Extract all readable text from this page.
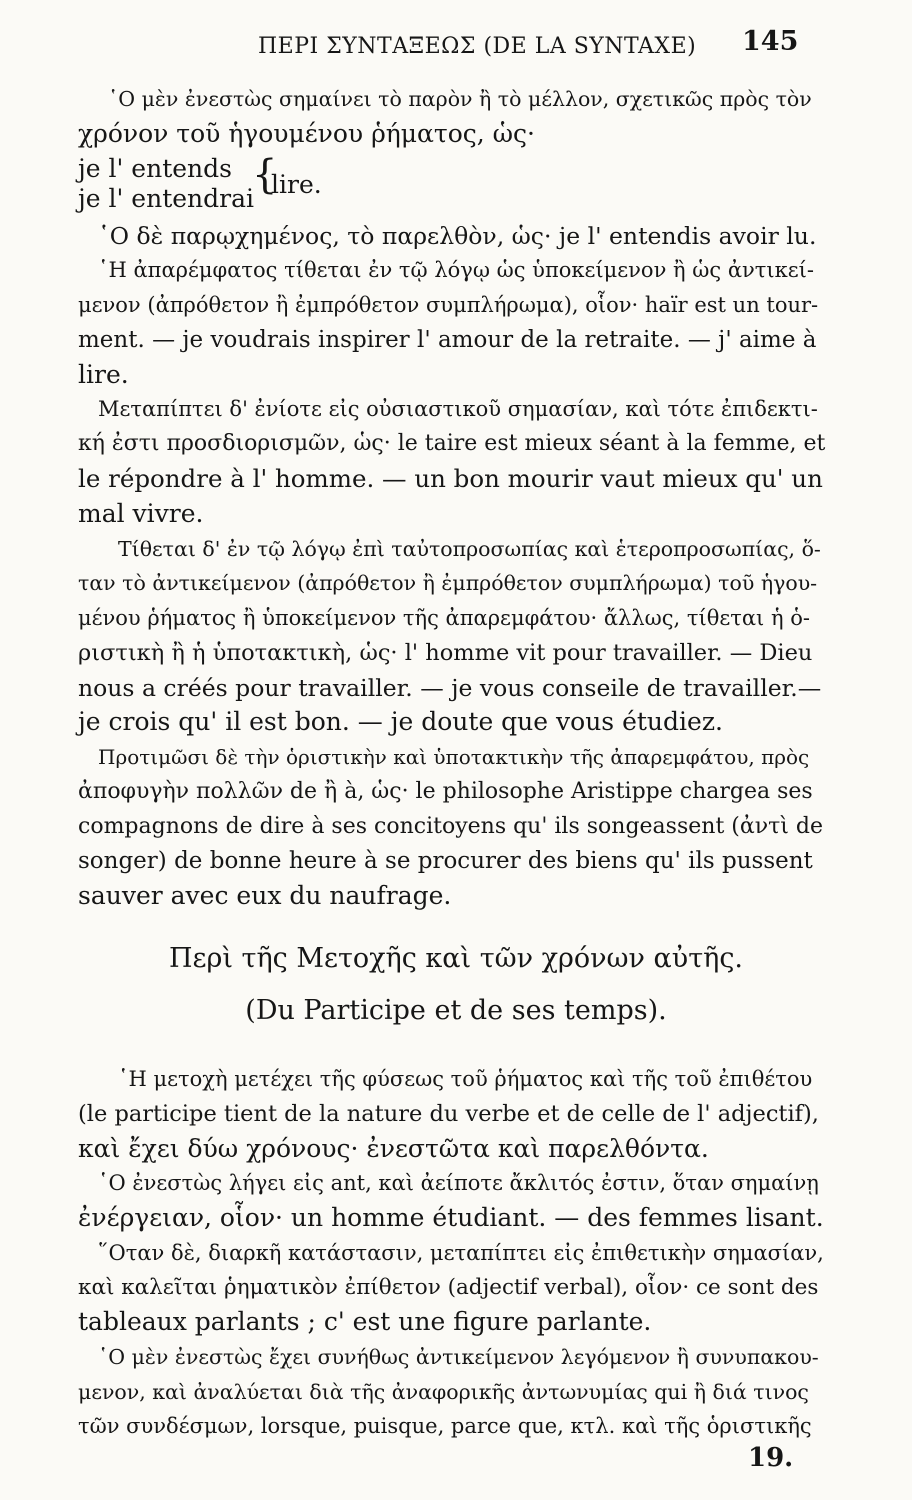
ΠΕΡΙ ΣΥΝΤΑΞΕΩΣ (DE LA SYNTAXE) 145
῾Ο μὲν ἐνεστὼς σημαίνει τὸ παρὸν ἢ τὸ μέλλον, σχετικῶς πρὸς τὸν
χρόνον τοῦ ἡγουμένου ῥήματος, ὡς·
je l' entends
je l' entendrai
{
lire.
῾Ο δὲ παρῳχημένος, τὸ παρελθὸν, ὡς· je l' entendis avoir lu.
῾Η ἀπαρέμφατος τίθεται ἐν τῷ λόγῳ ὡς ὑποκείμενον ἢ ὡς ἀντικεί-
μενον (ἀπρόθετον ἢ ἐμπρόθετον συμπλήρωμα), οἷον· haïr est un tour-
ment. — je voudrais inspirer l' amour de la retraite. — j' aime à
lire.
Μεταπίπτει δ' ἐνίοτε εἰς οὐσιαστικοῦ σημασίαν, καὶ τότε ἐπιδεκτι-
κή ἐστι προσδιορισμῶν, ὡς· le taire est mieux séant à la femme, et
le répondre à l' homme. — un bon mourir vaut mieux qu' un
mal vivre.
Τίθεται δ' ἐν τῷ λόγῳ ἐπὶ ταὐτοπροσωπίας καὶ ἑτεροπροσωπίας, ὅ-
ταν τὸ ἀντικείμενον (ἀπρόθετον ἢ ἐμπρόθετον συμπλήρωμα) τοῦ ἡγου-
μένου ῥήματος ἢ ὑποκείμενον τῆς ἀπαρεμφάτου· ἄλλως, τίθεται ἡ ὁ-
ριστικὴ ἢ ἡ ὑποτακτικὴ, ὡς· l' homme vit pour travailler. — Dieu
nous a créés pour travailler. — je vous conseile de travailler.—
je crois qu' il est bon. — je doute que vous étudiez.
Προτιμῶσι δὲ τὴν ὁριστικὴν καὶ ὑποτακτικὴν τῆς ἀπαρεμφάτου, πρὸς
ἀποφυγὴν πολλῶν de ἢ à, ὡς· le philosophe Aristippe chargea ses
compagnons de dire à ses concitoyens qu' ils songeassent (ἀντὶ de
songer) de bonne heure à se procurer des biens qu' ils pussent
sauver avec eux du naufrage.
Περὶ τῆς Μετοχῆς καὶ τῶν χρόνων αὐτῆς.
(Du Participe et de ses temps).
῾Η μετοχὴ μετέχει τῆς φύσεως τοῦ ῥήματος καὶ τῆς τοῦ ἐπιθέτου
(le participe tient de la nature du verbe et de celle de l' adjectif),
καὶ ἔχει δύω χρόνους· ἐνεστῶτα καὶ παρελθόντα.
῾Ο ἐνεστὼς λήγει εἰς ant, καὶ ἀείποτε ἄκλιτός ἐστιν, ὅταν σημαίνῃ
ἐνέργειαν, οἷον· un homme étudiant. — des femmes lisant.
῞Οταν δὲ, διαρκῆ κατάστασιν, μεταπίπτει εἰς ἐπιθετικὴν σημασίαν,
καὶ καλεῖται ῥηματικὸν ἐπίθετον (adjectif verbal), οἷον· ce sont des
tableaux parlants ; c' est une figure parlante.
῾Ο μὲν ἐνεστὼς ἔχει συνήθως ἀντικείμενον λεγόμενον ἢ συνυπακου-
μενον, καὶ ἀναλύεται διὰ τῆς ἀναφορικῆς ἀντωνυμίας qui ἢ διά τινος
τῶν συνδέσμων, lorsque, puisque, parce que, κτλ. καὶ τῆς ὁριστικῆς
19.
